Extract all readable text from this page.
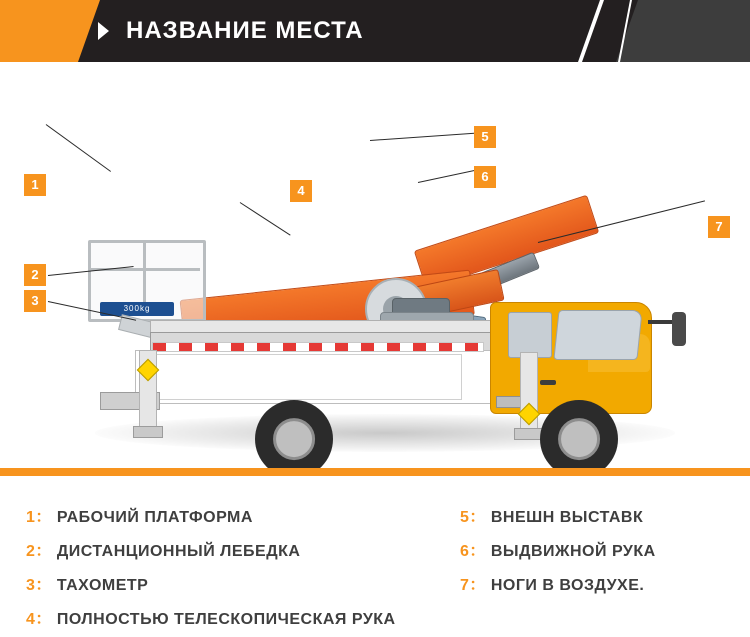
НАЗВАНИЕ МЕСТА
300kg
1
2
3
4
5
6
7
1： РАБОЧИЙ ПЛАТФОРМА
2： ДИСТАНЦИОННЫЙ ЛЕБЕДКА
3： ТАХОМЕТР
4： ПОЛНОСТЬЮ ТЕЛЕСКОПИЧЕСКАЯ РУКА
5： ВНЕШН ВЫСТАВК
6： ВЫДВИЖНОЙ РУКА
7： НОГИ В ВОЗДУХЕ.
